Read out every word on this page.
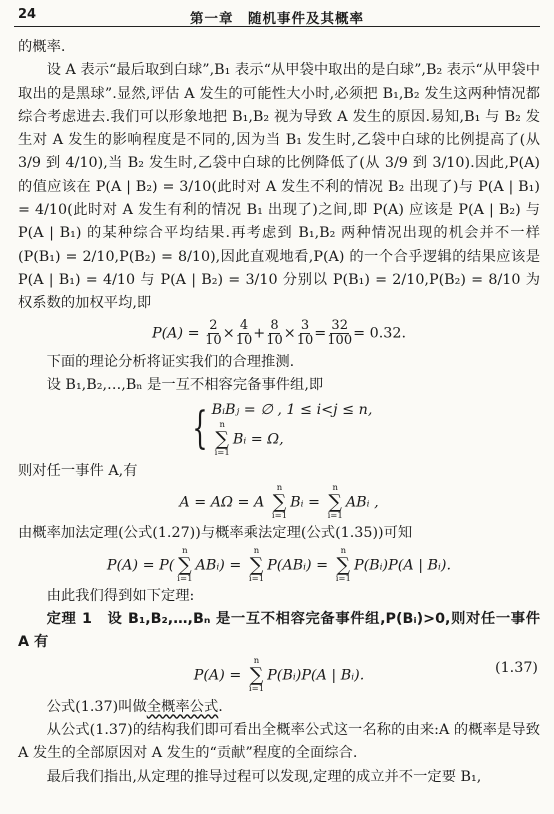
24	第一章　随机事件及其概率

的概率.

设 A 表示“最后取到白球”,B₁ 表示“从甲袋中取出的是白球”,B₂ 表示“从甲袋中取出的是黑球”.显然,评估 A 发生的可能性大小时,必须把 B₁,B₂ 发生这两种情况都综合考虑进去.我们可以形象地把 B₁,B₂ 视为导致 A 发生的原因.易知,B₁ 与 B₂ 发生对 A 发生的影响程度是不同的,因为当 B₁ 发生时,乙袋中白球的比例提高了(从 3/9 到 4/10),当 B₂ 发生时,乙袋中白球的比例降低了(从 3/9 到 3/10).因此,P(A) 的值应该在 P(A | B₂) = 3/10(此时对 A 发生不利的情况 B₂ 出现了)与 P(A | B₁) = 4/10(此时对 A 发生有利的情况 B₁ 出现了)之间,即 P(A) 应该是 P(A | B₂) 与 P(A | B₁) 的某种综合平均结果.再考虑到 B₁,B₂ 两种情况出现的机会并不一样(P(B₁) = 2/10,P(B₂) = 8/10),因此直观地看,P(A) 的一个合乎逻辑的结果应该是 P(A | B₁) = 4/10 与 P(A | B₂) = 3/10 分别以 P(B₁) = 2/10,P(B₂) = 8/10 为权系数的加权平均,即

$P(A) = \frac{2}{10} \times \frac{4}{10} + \frac{8}{10} \times \frac{3}{10} = \frac{32}{100} = 0.32$.

下面的理论分析将证实我们的合理推测.

设 B₁,B₂,…,Bₙ 是一互不相容完备事件组,即

{ BᵢBⱼ = ∅ , 1 ≤ i<j ≤ n,
n
∑
i=1
Bᵢ = Ω,

则对任一事件 A,有

A = AΩ = A
n
∑
i=1
Bᵢ =
n
∑
i=1
ABᵢ ,

由概率加法定理(公式(1.27))与概率乘法定理(公式(1.35))可知

P(A) = P(
n
∑
i=1
ABᵢ) =
n
∑
i=1
P(ABᵢ) =
n
∑
i=1
P(Bᵢ)P(A | Bᵢ).

由此我们得到如下定理:

定理 1　 设 B₁,B₂,…,Bₙ 是一互不相容完备事件组,P(Bᵢ)>0,则对任一事件 A 有

P(A) =
n
∑
i=1
P(Bᵢ)P(A | Bᵢ).	(1.37)

公式(1.37)叫做全概率公式.

从公式(1.37)的结构我们即可看出全概率公式这一名称的由来:A 的概率是导致 A 发生的全部原因对 A 发生的“贡献”程度的全面综合.

最后我们指出,从定理的推导过程可以发现,定理的成立并不一定要 B₁,
